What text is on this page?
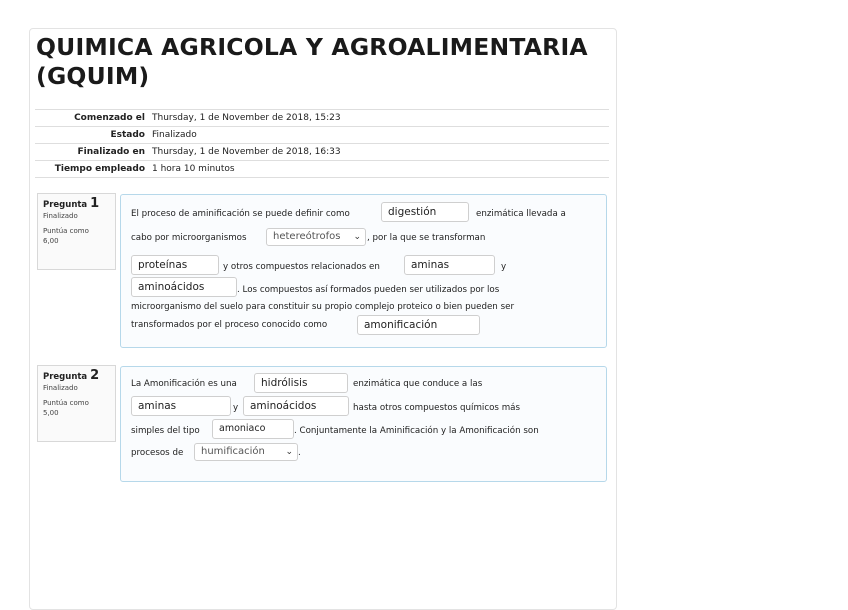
QUIMICA AGRICOLA Y AGROALIMENTARIA (GQUIM)
Comenzado el	Thursday, 1 de November de 2018, 15:23
Estado	Finalizado
Finalizado en	Thursday, 1 de November de 2018, 16:33
Tiempo empleado	1 hora 10 minutos
Pregunta 1
Finalizado
Puntúa como
6,00
El proceso de aminificación se puede definir como	digestión	enzimática llevada a
cabo por microorganismos	hetereótrofos ⌄ , por la que se transforman
proteínas	y otros compuestos relacionados en	aminas	y
aminoácidos	. Los compuestos así formados pueden ser utilizados por los
microorganismo del suelo para constituir su propio complejo proteico o bien pueden ser
transformados por el proceso conocido como	amonificación
Pregunta 2
Finalizado
Puntúa como
5,00
La Amonificación es una	hidrólisis	enzimática que conduce a las
aminas	y	aminoácidos	hasta otros compuestos químicos más
simples del tipo	amoniaco	. Conjuntamente la Aminificación y la Amonificación son
procesos de	humificación ⌄ .
